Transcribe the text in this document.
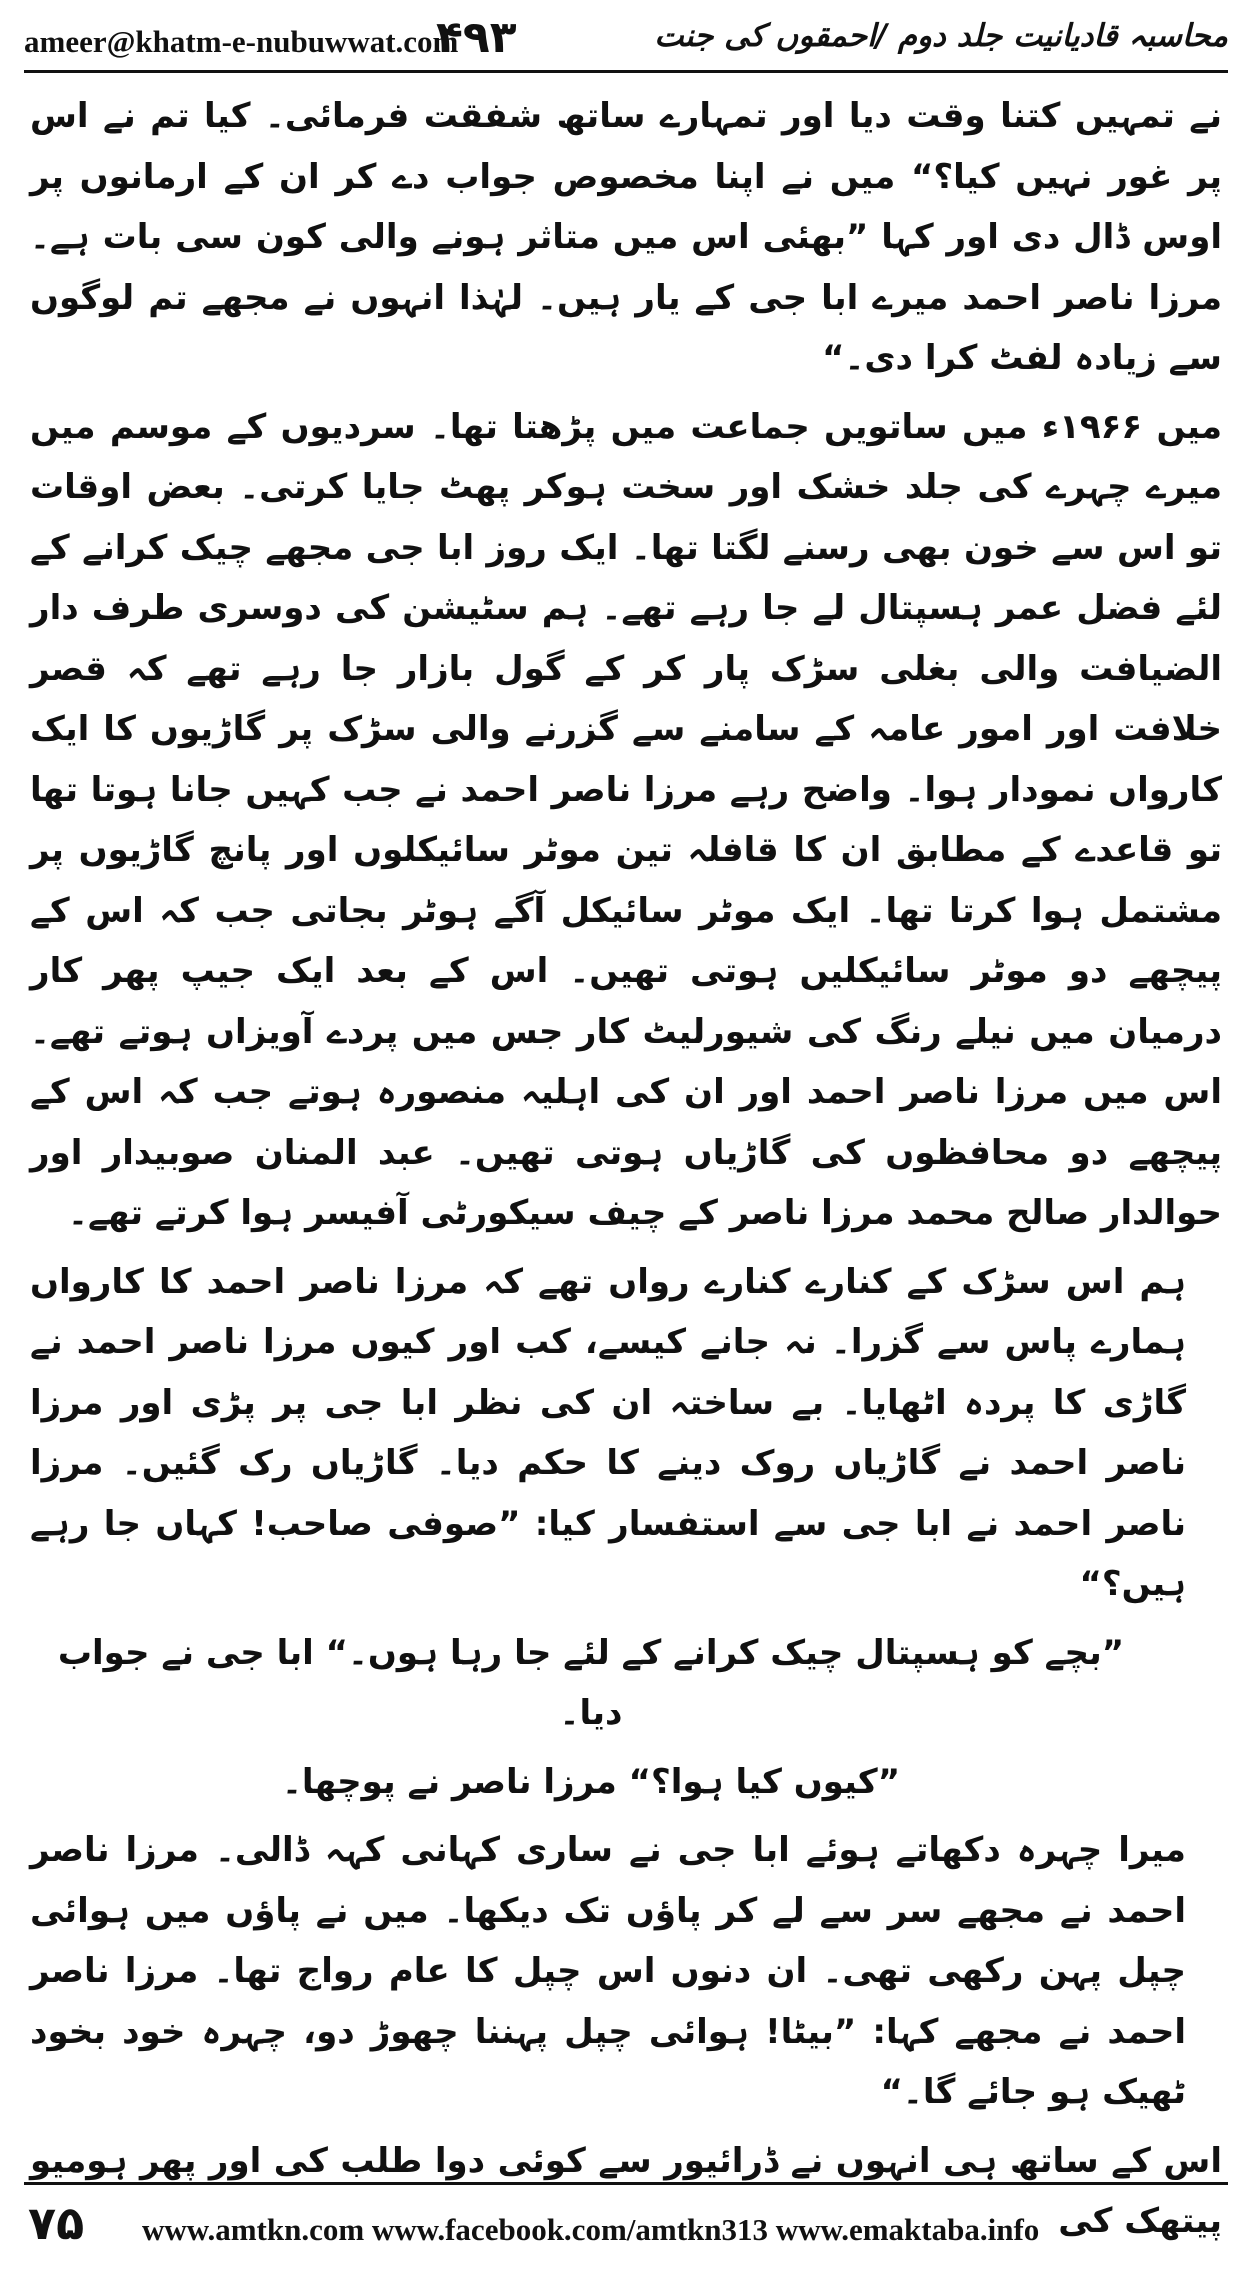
ameer@khatm-e-nubuwwat.com
۴۹۳	محاسبہ قادیانیت جلد دوم /احمقوں کی جنت

نے تمہیں کتنا وقت دیا اور تمہارے ساتھ شفقت فرمائی۔ کیا تم نے اس پر غور نہیں کیا؟“ میں نے اپنا مخصوص جواب دے کر ان کے ارمانوں پر اوس ڈال دی اور کہا ”بھئی اس میں متاثر ہونے والی کون سی بات ہے۔ مرزا ناصر احمد میرے ابا جی کے یار ہیں۔ لہٰذا انہوں نے مجھے تم لوگوں سے زیادہ لفٹ کرا دی۔“

میں ۱۹۶۶ء میں ساتویں جماعت میں پڑھتا تھا۔ سردیوں کے موسم میں میرے چہرے کی جلد خشک اور سخت ہوکر پھٹ جایا کرتی۔ بعض اوقات تو اس سے خون بھی رسنے لگتا تھا۔ ایک روز ابا جی مجھے چیک کرانے کے لئے فضل عمر ہسپتال لے جا رہے تھے۔ ہم سٹیشن کی دوسری طرف دار الضیافت والی بغلی سڑک پار کر کے گول بازار جا رہے تھے کہ قصر خلافت اور امور عامہ کے سامنے سے گزرنے والی سڑک پر گاڑیوں کا ایک کارواں نمودار ہوا۔ واضح رہے مرزا ناصر احمد نے جب کہیں جانا ہوتا تھا تو قاعدے کے مطابق ان کا قافلہ تین موٹر سائیکلوں اور پانچ گاڑیوں پر مشتمل ہوا کرتا تھا۔ ایک موٹر سائیکل آگے ہوٹر بجاتی جب کہ اس کے پیچھے دو موٹر سائیکلیں ہوتی تھیں۔ اس کے بعد ایک جیپ پھر کار درمیان میں نیلے رنگ کی شیورلیٹ کار جس میں پردے آویزاں ہوتے تھے۔ اس میں مرزا ناصر احمد اور ان کی اہلیہ منصورہ ہوتے جب کہ اس کے پیچھے دو محافظوں کی گاڑیاں ہوتی تھیں۔ عبد المنان صوبیدار اور حوالدار صالح محمد مرزا ناصر کے چیف سیکورٹی آفیسر ہوا کرتے تھے۔

ہم اس سڑک کے کنارے کنارے رواں تھے کہ مرزا ناصر احمد کا کارواں ہمارے پاس سے گزرا۔ نہ جانے کیسے، کب اور کیوں مرزا ناصر احمد نے گاڑی کا پردہ اٹھایا۔ بے ساختہ ان کی نظر ابا جی پر پڑی اور مرزا ناصر احمد نے گاڑیاں روک دینے کا حکم دیا۔ گاڑیاں رک گئیں۔ مرزا ناصر احمد نے ابا جی سے استفسار کیا: ”صوفی صاحب! کہاں جا رہے ہیں؟“

”بچے کو ہسپتال چیک کرانے کے لئے جا رہا ہوں۔“ ابا جی نے جواب دیا۔

”کیوں کیا ہوا؟“ مرزا ناصر نے پوچھا۔

میرا چہرہ دکھاتے ہوئے ابا جی نے ساری کہانی کہہ ڈالی۔ مرزا ناصر احمد نے مجھے سر سے لے کر پاؤں تک دیکھا۔ میں نے پاؤں میں ہوائی چپل پہن رکھی تھی۔ ان دنوں اس چپل کا عام رواج تھا۔ مرزا ناصر احمد نے مجھے کہا: ”بیٹا! ہوائی چپل پہننا چھوڑ دو، چہرہ خود بخود ٹھیک ہو جائے گا۔“

اس کے ساتھ ہی انہوں نے ڈرائیور سے کوئی دوا طلب کی اور پھر ہومیو پیتھک کی

۷۵ www.amtkn.com www.facebook.com/amtkn313 www.emaktaba.info
